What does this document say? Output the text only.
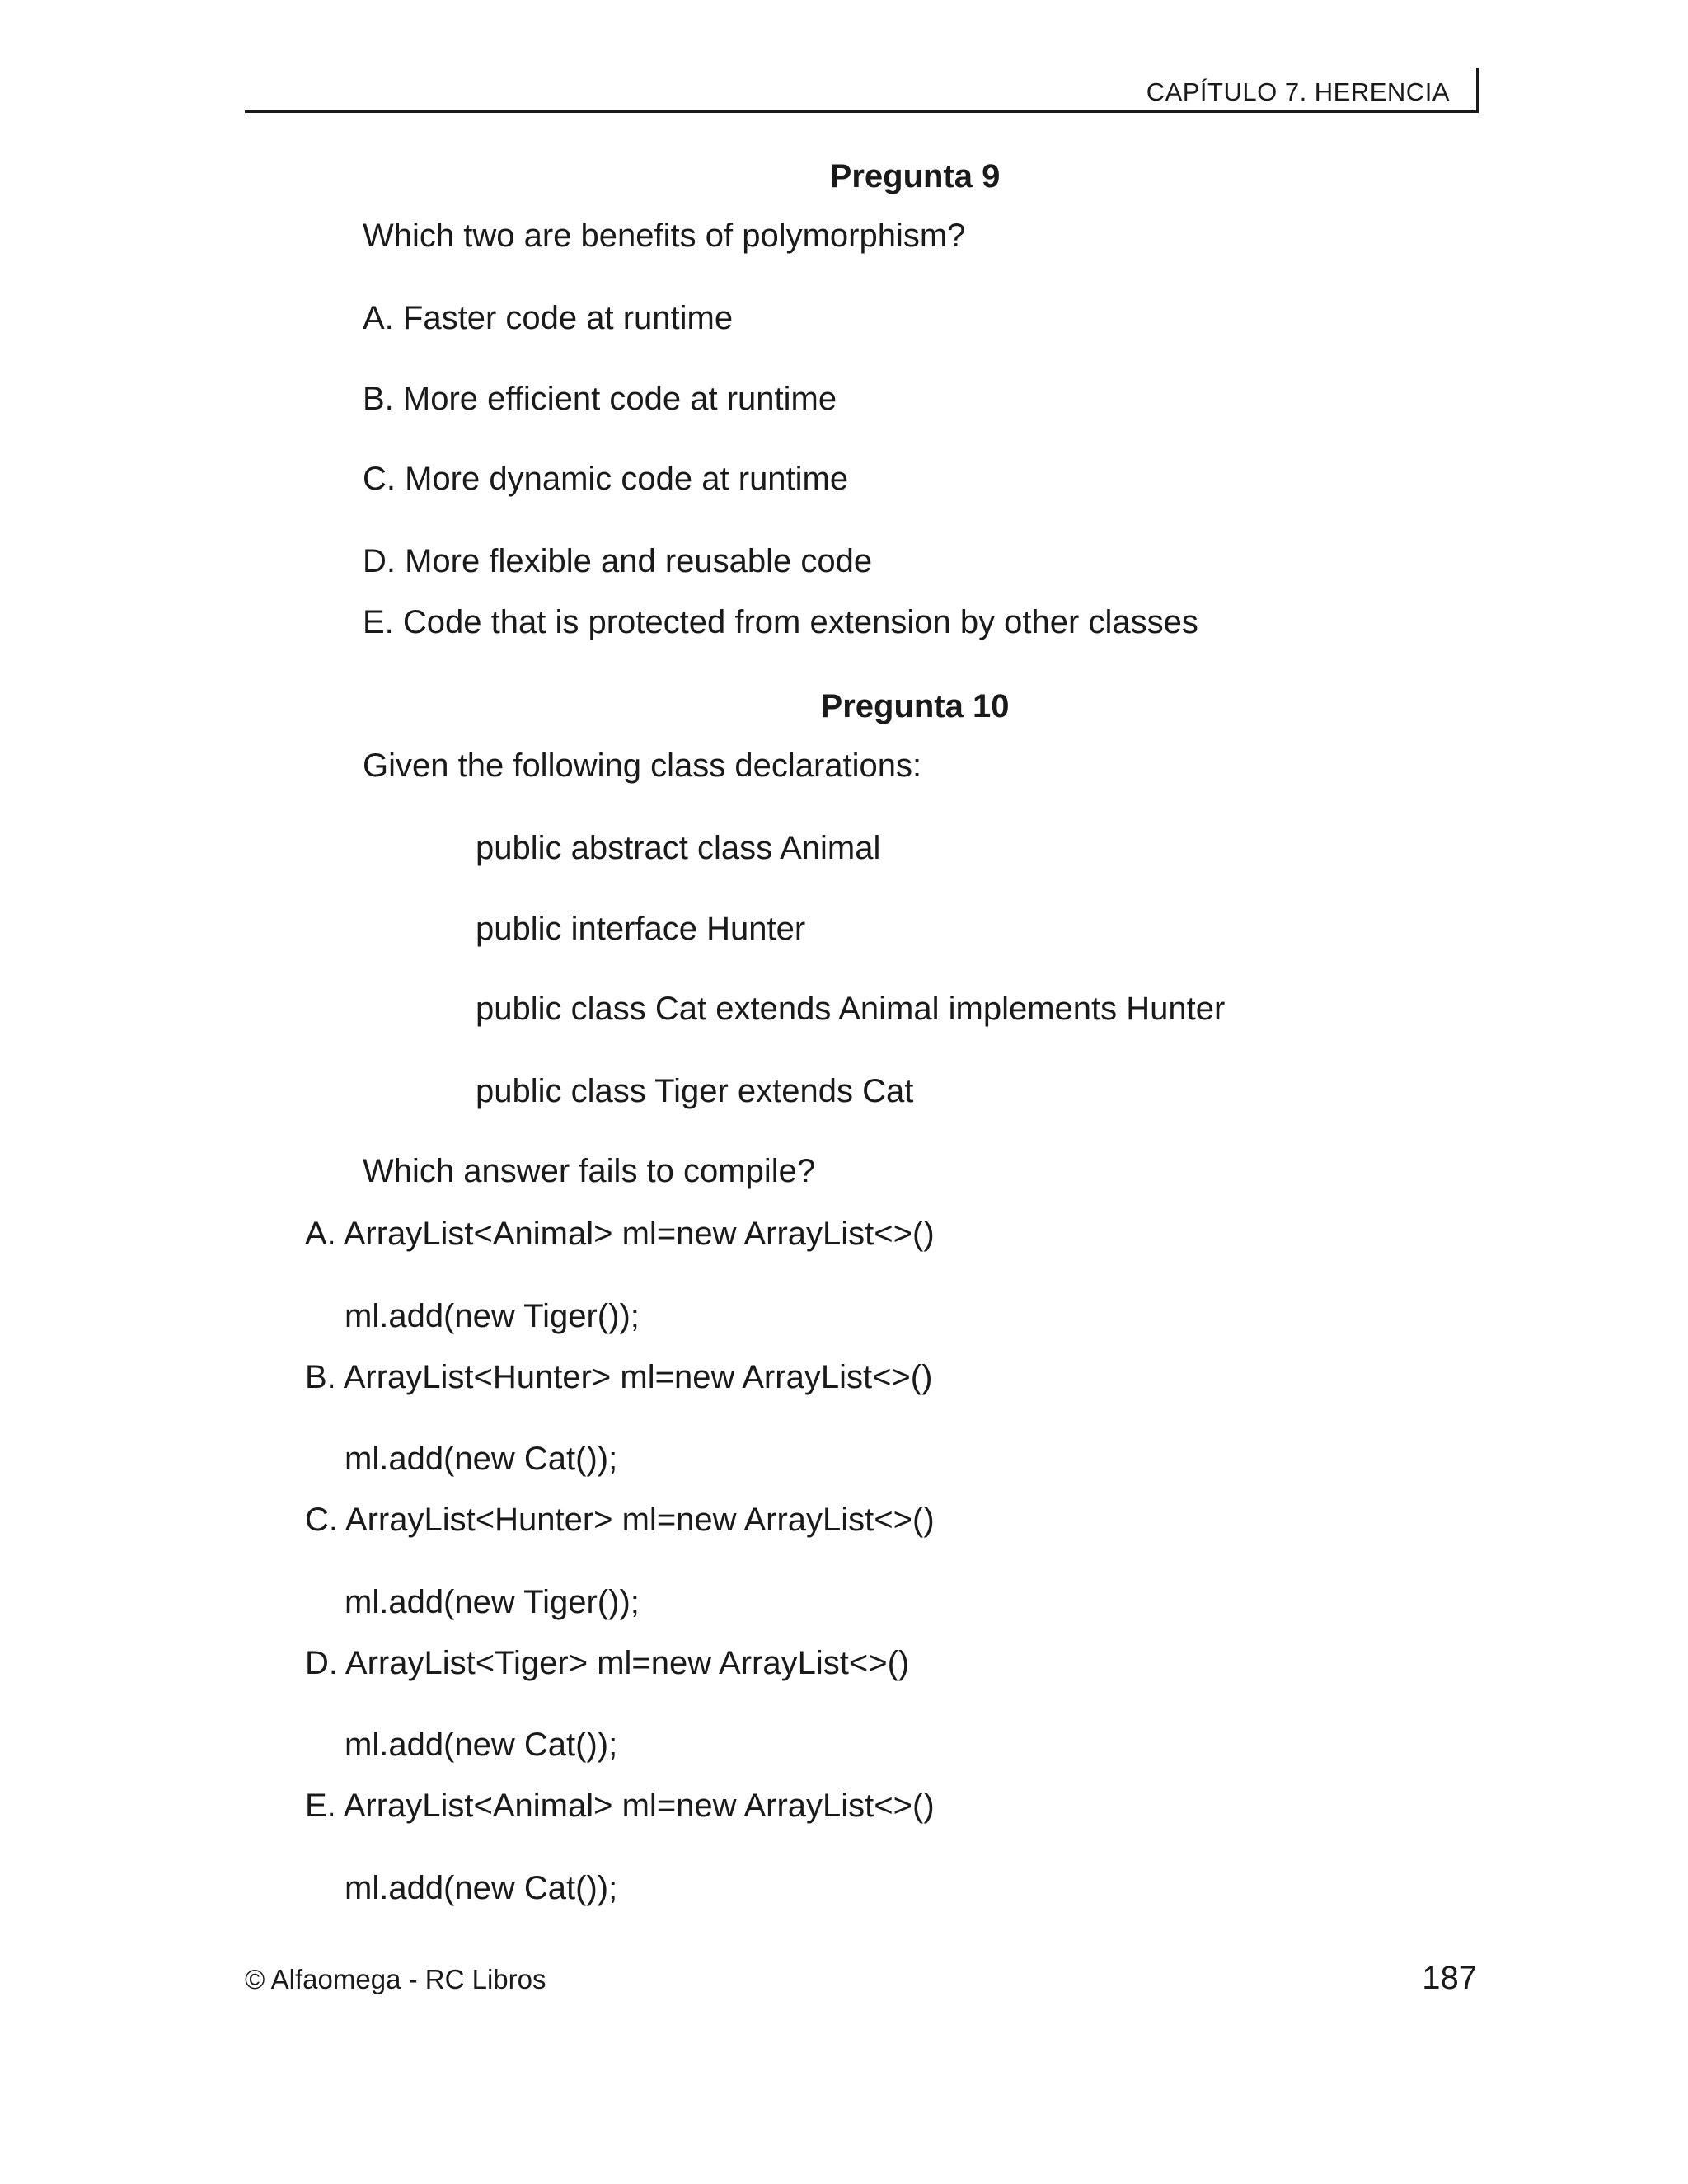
CAPÍTULO 7. HERENCIA
Pregunta 9
Which two are benefits of polymorphism?
A. Faster code at runtime
B. More efficient code at runtime
C. More dynamic code at runtime
D. More flexible and reusable code
E. Code that is protected from extension by other classes
Pregunta 10
Given the following class declarations:
public abstract class Animal
public interface Hunter
public class Cat extends Animal implements Hunter
public class Tiger extends Cat
Which answer fails to compile?
A. ArrayList<Animal> ml=new ArrayList<>()
ml.add(new Tiger());
B. ArrayList<Hunter> ml=new ArrayList<>()
ml.add(new Cat());
C. ArrayList<Hunter> ml=new ArrayList<>()
ml.add(new Tiger());
D. ArrayList<Tiger> ml=new ArrayList<>()
ml.add(new Cat());
E. ArrayList<Animal> ml=new ArrayList<>()
ml.add(new Cat());
© Alfaomega - RC Libros	187
